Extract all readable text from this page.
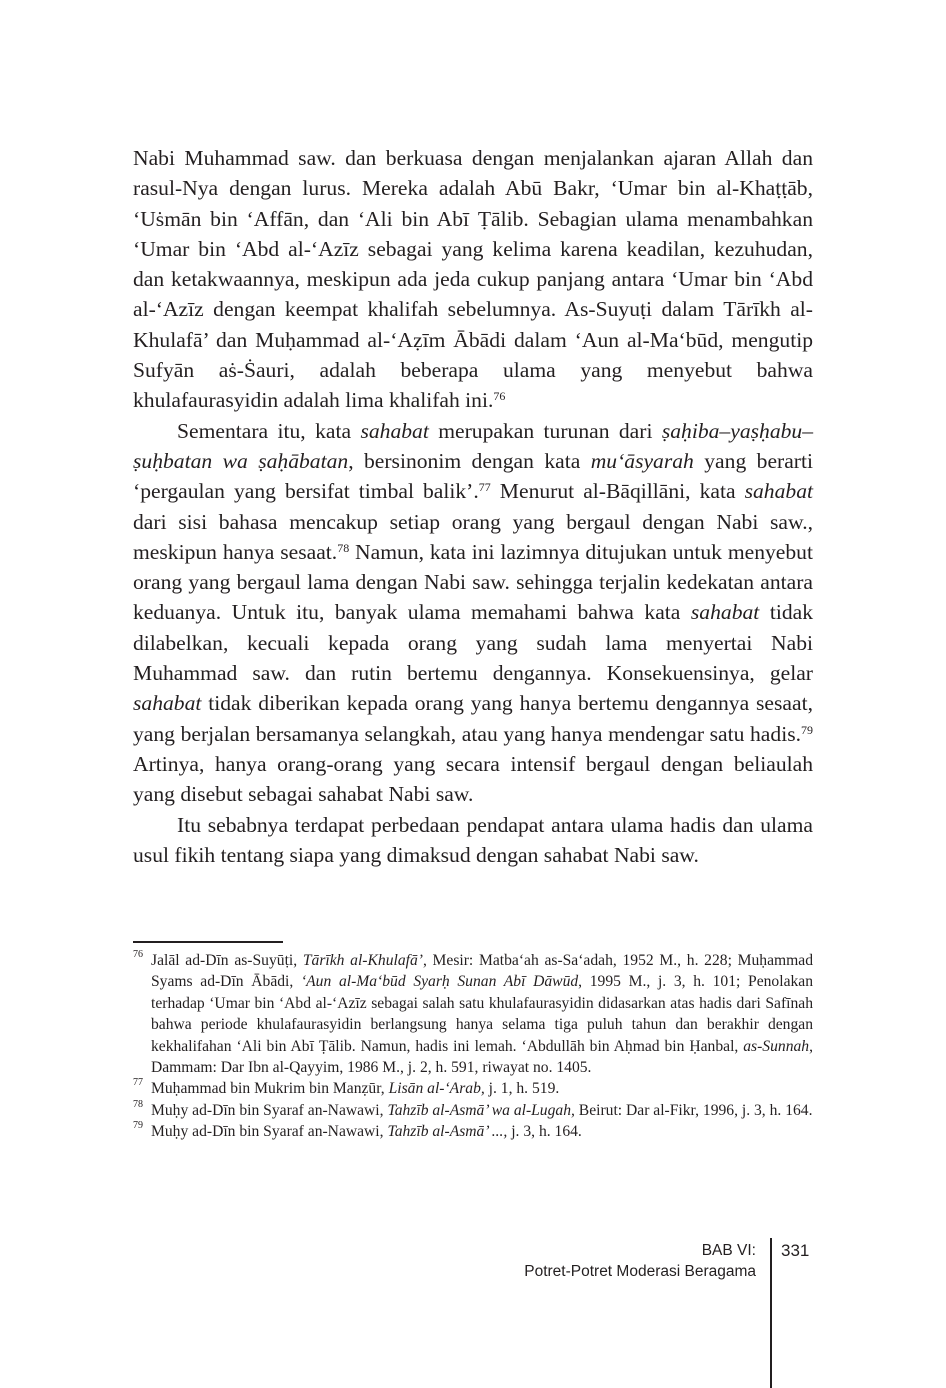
Nabi Muhammad saw. dan berkuasa dengan menjalankan ajaran Allah dan rasul-Nya dengan lurus. Mereka adalah Abū Bakr, ‘Umar bin al-Khaṭṭāb, ‘Uṡmān bin ‘Affān, dan ‘Ali bin Abī Ṭālib. Sebagian ulama menambahkan ‘Umar bin ‘Abd al-‘Azīz sebagai yang kelima karena keadilan, kezuhudan, dan ketakwaannya, meskipun ada jeda cukup panjang antara ‘Umar bin ‘Abd al-‘Azīz dengan keempat khalifah sebelumnya. As-Suyuṭi dalam Tārīkh al-Khulafā’ dan Muḥammad al-‘Aẓīm Ābādi dalam ‘Aun al-Ma‘būd, mengutip Sufyān aṡ-Ṡauri, adalah beberapa ulama yang menyebut bahwa khulafaurasyidin adalah lima khalifah ini.$^{76}$

Sementara itu, kata sahabat merupakan turunan dari ṣaḥiba–yaṣḥabu–ṣuḥbatan wa ṣaḥābatan, bersinonim dengan kata mu‘āsyarah yang berarti ‘pergaulan yang bersifat timbal balik’.$^{77}$ Menurut al-Bāqillāni, kata sahabat dari sisi bahasa mencakup setiap orang yang bergaul dengan Nabi saw., meskipun hanya sesaat.$^{78}$ Namun, kata ini lazimnya ditujukan untuk menyebut orang yang bergaul lama dengan Nabi saw. sehingga terjalin kedekatan antara keduanya. Untuk itu, banyak ulama memahami bahwa kata sahabat tidak dilabelkan, kecuali kepada orang yang sudah lama menyertai Nabi Muhammad saw. dan rutin bertemu dengannya. Konsekuensinya, gelar sahabat tidak diberikan kepada orang yang hanya bertemu dengannya sesaat, yang berjalan bersamanya selangkah, atau yang hanya mendengar satu hadis.$^{79}$ Artinya, hanya orang-orang yang secara intensif bergaul dengan beliaulah yang disebut sebagai sahabat Nabi saw.

Itu sebabnya terdapat perbedaan pendapat antara ulama hadis dan ulama usul fikih tentang siapa yang dimaksud dengan sahabat Nabi saw.

76 Jalāl ad-Dīn as-Suyūṭi, Tārīkh al-Khulafā’, Mesir: Matba‘ah as-Sa‘adah, 1952 M., h. 228; Muḥammad Syams ad-Dīn Ābādi, ‘Aun al-Ma‘būd Syarḥ Sunan Abī Dāwūd, 1995 M., j. 3, h. 101; Penolakan terhadap ‘Umar bin ‘Abd al-‘Azīz sebagai salah satu khulafaurasyidin didasarkan atas hadis dari Safīnah bahwa periode khulafaurasyidin berlangsung hanya selama tiga puluh tahun dan berakhir dengan kekhalifahan ‘Ali bin Abī Ṭālib. Namun, hadis ini lemah. ‘Abdullāh bin Aḥmad bin Ḥanbal, as-Sunnah, Dammam: Dar Ibn al-Qayyim, 1986 M., j. 2, h. 591, riwayat no. 1405.
77 Muḥammad bin Mukrim bin Manẓūr, Lisān al-‘Arab, j. 1, h. 519.
78 Muḥy ad-Dīn bin Syaraf an-Nawawi, Tahzīb al-Asmā’ wa al-Lugah, Beirut: Dar al-Fikr, 1996, j. 3, h. 164.
79 Muḥy ad-Dīn bin Syaraf an-Nawawi, Tahzīb al-Asmā’ ..., j. 3, h. 164.
BAB VI:
Potret-Potret Moderasi Beragama
331
